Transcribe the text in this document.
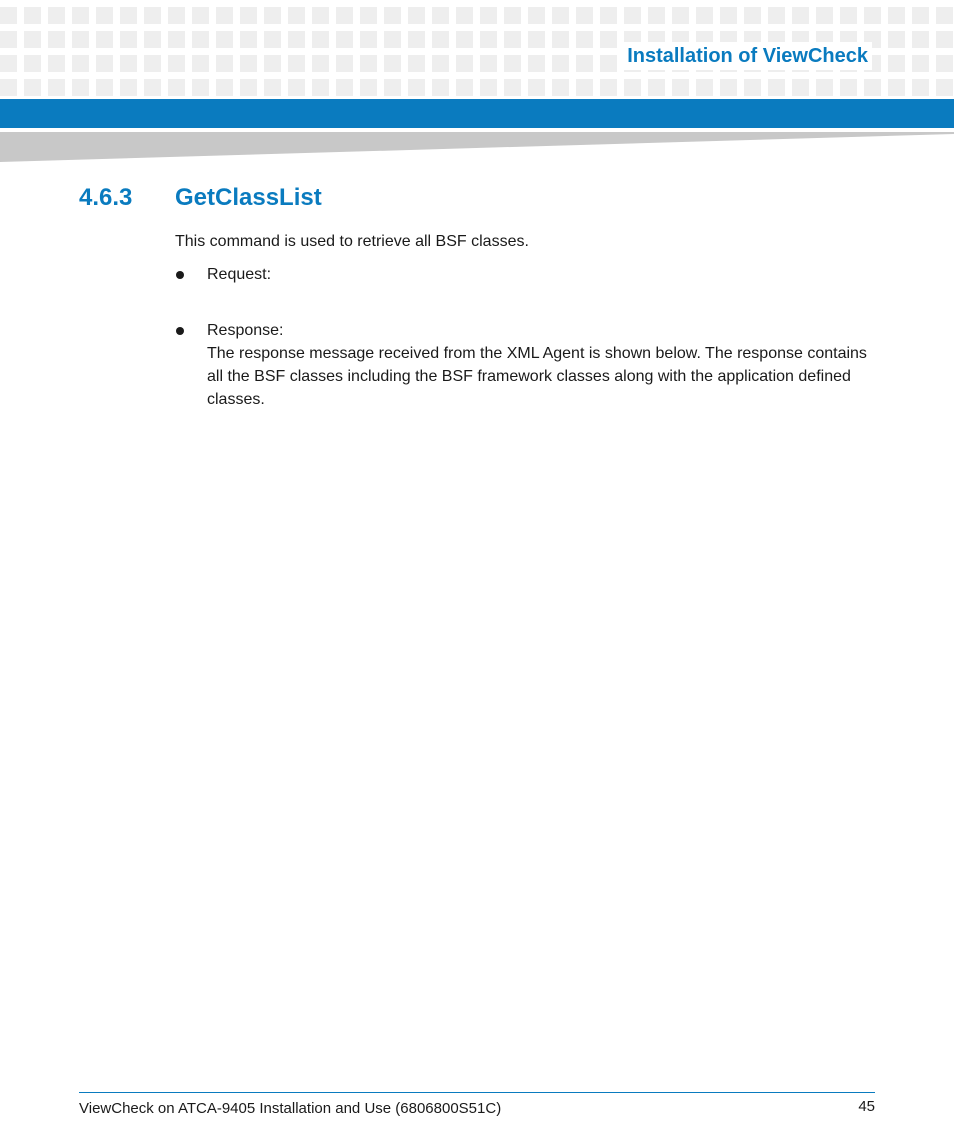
Installation of ViewCheck
4.6.3 GetClassList

This command is used to retrieve all BSF classes.

Request:
Response:
The response message received from the XML Agent is shown below. The response contains all the BSF classes including the BSF framework classes along with the application defined classes.
ViewCheck on ATCA-9405 Installation and Use (6806800S51C)	45
